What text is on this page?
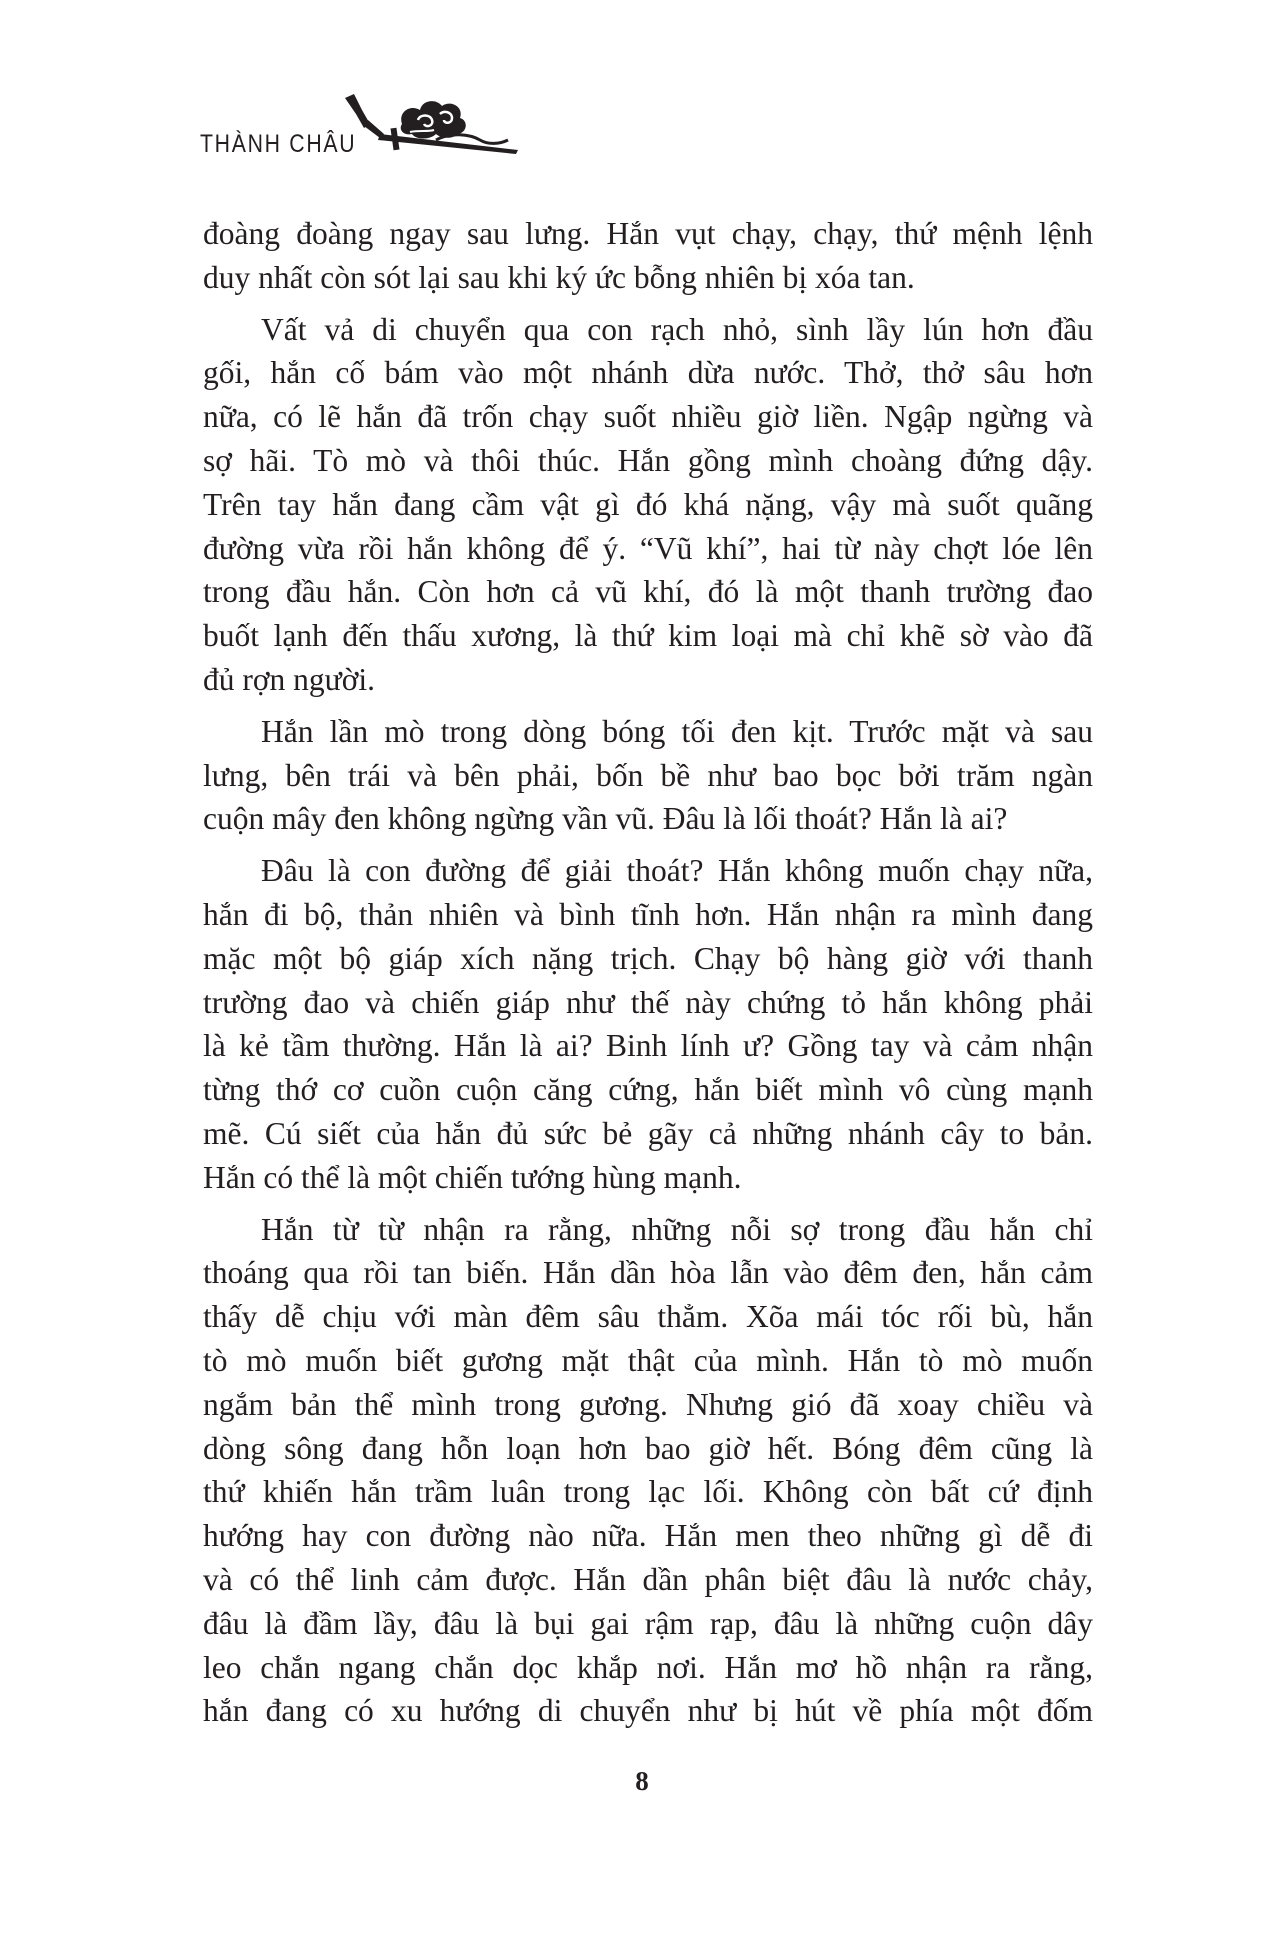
THÀNH CHÂU
đoàng đoàng ngay sau lưng. Hắn vụt chạy, chạy, thứ mệnh lệnh
duy nhất còn sót lại sau khi ký ức bỗng nhiên bị xóa tan.
Vất vả di chuyển qua con rạch nhỏ, sình lầy lún hơn đầu
gối, hắn cố bám vào một nhánh dừa nước. Thở, thở sâu hơn
nữa, có lẽ hắn đã trốn chạy suốt nhiều giờ liền. Ngập ngừng và
sợ hãi. Tò mò và thôi thúc. Hắn gồng mình choàng đứng dậy.
Trên tay hắn đang cầm vật gì đó khá nặng, vậy mà suốt quãng
đường vừa rồi hắn không để ý. “Vũ khí”, hai từ này chợt lóe lên
trong đầu hắn. Còn hơn cả vũ khí, đó là một thanh trường đao
buốt lạnh đến thấu xương, là thứ kim loại mà chỉ khẽ sờ vào đã
đủ rợn người.
Hắn lần mò trong dòng bóng tối đen kịt. Trước mặt và sau
lưng, bên trái và bên phải, bốn bề như bao bọc bởi trăm ngàn
cuộn mây đen không ngừng vần vũ. Đâu là lối thoát? Hắn là ai?
Đâu là con đường để giải thoát? Hắn không muốn chạy nữa,
hắn đi bộ, thản nhiên và bình tĩnh hơn. Hắn nhận ra mình đang
mặc một bộ giáp xích nặng trịch. Chạy bộ hàng giờ với thanh
trường đao và chiến giáp như thế này chứng tỏ hắn không phải
là kẻ tầm thường. Hắn là ai? Binh lính ư? Gồng tay và cảm nhận
từng thớ cơ cuồn cuộn căng cứng, hắn biết mình vô cùng mạnh
mẽ. Cú siết của hắn đủ sức bẻ gãy cả những nhánh cây to bản.
Hắn có thể là một chiến tướng hùng mạnh.
Hắn từ từ nhận ra rằng, những nỗi sợ trong đầu hắn chỉ
thoáng qua rồi tan biến. Hắn dần hòa lẫn vào đêm đen, hắn cảm
thấy dễ chịu với màn đêm sâu thẳm. Xõa mái tóc rối bù, hắn
tò mò muốn biết gương mặt thật của mình. Hắn tò mò muốn
ngắm bản thể mình trong gương. Nhưng gió đã xoay chiều và
dòng sông đang hỗn loạn hơn bao giờ hết. Bóng đêm cũng là
thứ khiến hắn trầm luân trong lạc lối. Không còn bất cứ định
hướng hay con đường nào nữa. Hắn men theo những gì dễ đi
và có thể linh cảm được. Hắn dần phân biệt đâu là nước chảy,
đâu là đầm lầy, đâu là bụi gai rậm rạp, đâu là những cuộn dây
leo chắn ngang chắn dọc khắp nơi. Hắn mơ hồ nhận ra rằng,
hắn đang có xu hướng di chuyển như bị hút về phía một đốm
8
